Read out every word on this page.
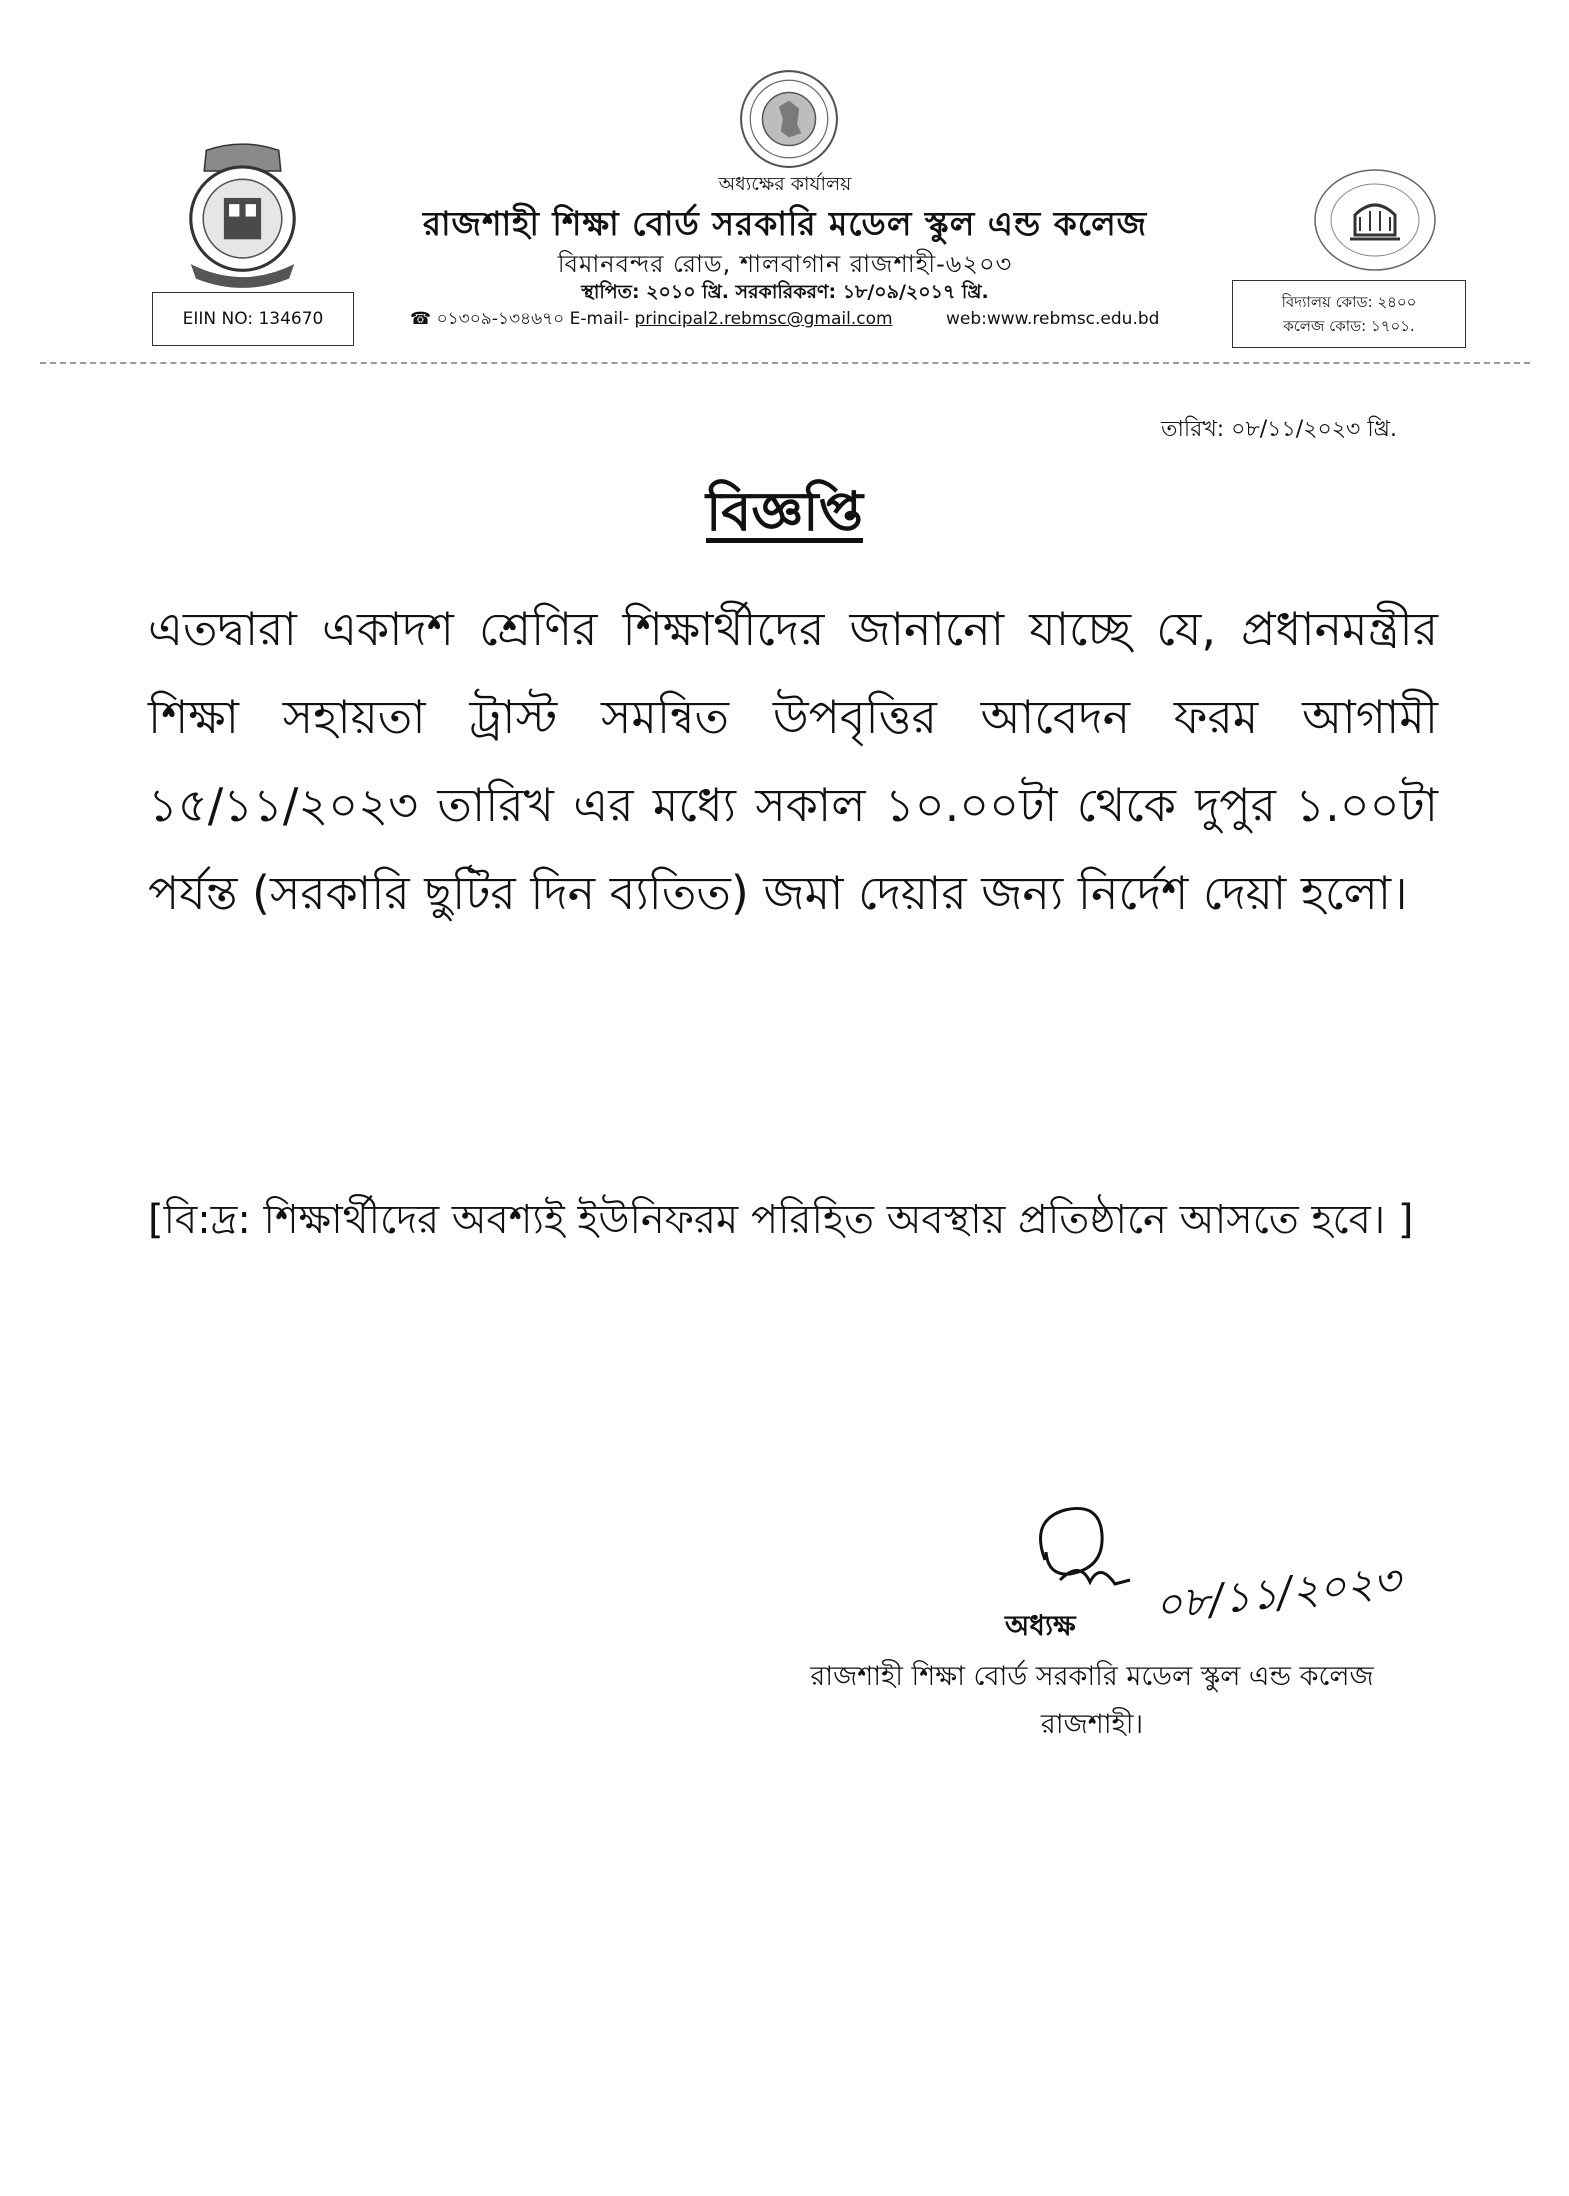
অধ্যক্ষের কার্যালয়
রাজশাহী শিক্ষা বোর্ড সরকারি মডেল স্কুল এন্ড কলেজ
বিমানবন্দর রোড, শালবাগান রাজশাহী-৬২০৩
স্থাপিত: ২০১০ খ্রি. সরকারিকরণ: ১৮/০৯/২০১৭ খ্রি.
☎ ০১৩০৯-১৩৪৬৭০ E-mail- principal2.rebmsc@gmail.com	web:www.rebmsc.edu.bd
EIIN NO: 134670
বিদ্যালয় কোড: ২৪০০
কলেজ কোড: ১৭০১.
তারিখ: ০৮/১১/২০২৩ খ্রি.
বিজ্ঞপ্তি
এতদ্বারা একাদশ শ্রেণির শিক্ষার্থীদের জানানো যাচ্ছে যে, প্রধানমন্ত্রীর শিক্ষা সহায়তা ট্রাস্ট সমন্বিত উপবৃত্তির আবেদন ফরম আগামী ১৫/১১/২০২৩ তারিখ এর মধ্যে সকাল ১০.০০টা থেকে দুপুর ১.০০টা পর্যন্ত (সরকারি ছুটির দিন ব্যতিত) জমা দেয়ার জন্য নির্দেশ দেয়া হলো।
[বি:দ্র: শিক্ষার্থীদের অবশ্যই ইউনিফরম পরিহিত অবস্থায় প্রতিষ্ঠানে আসতে হবে। ]
০৮/১১/২০২৩
অধ্যক্ষ
রাজশাহী শিক্ষা বোর্ড সরকারি মডেল স্কুল এন্ড কলেজ
রাজশাহী।
